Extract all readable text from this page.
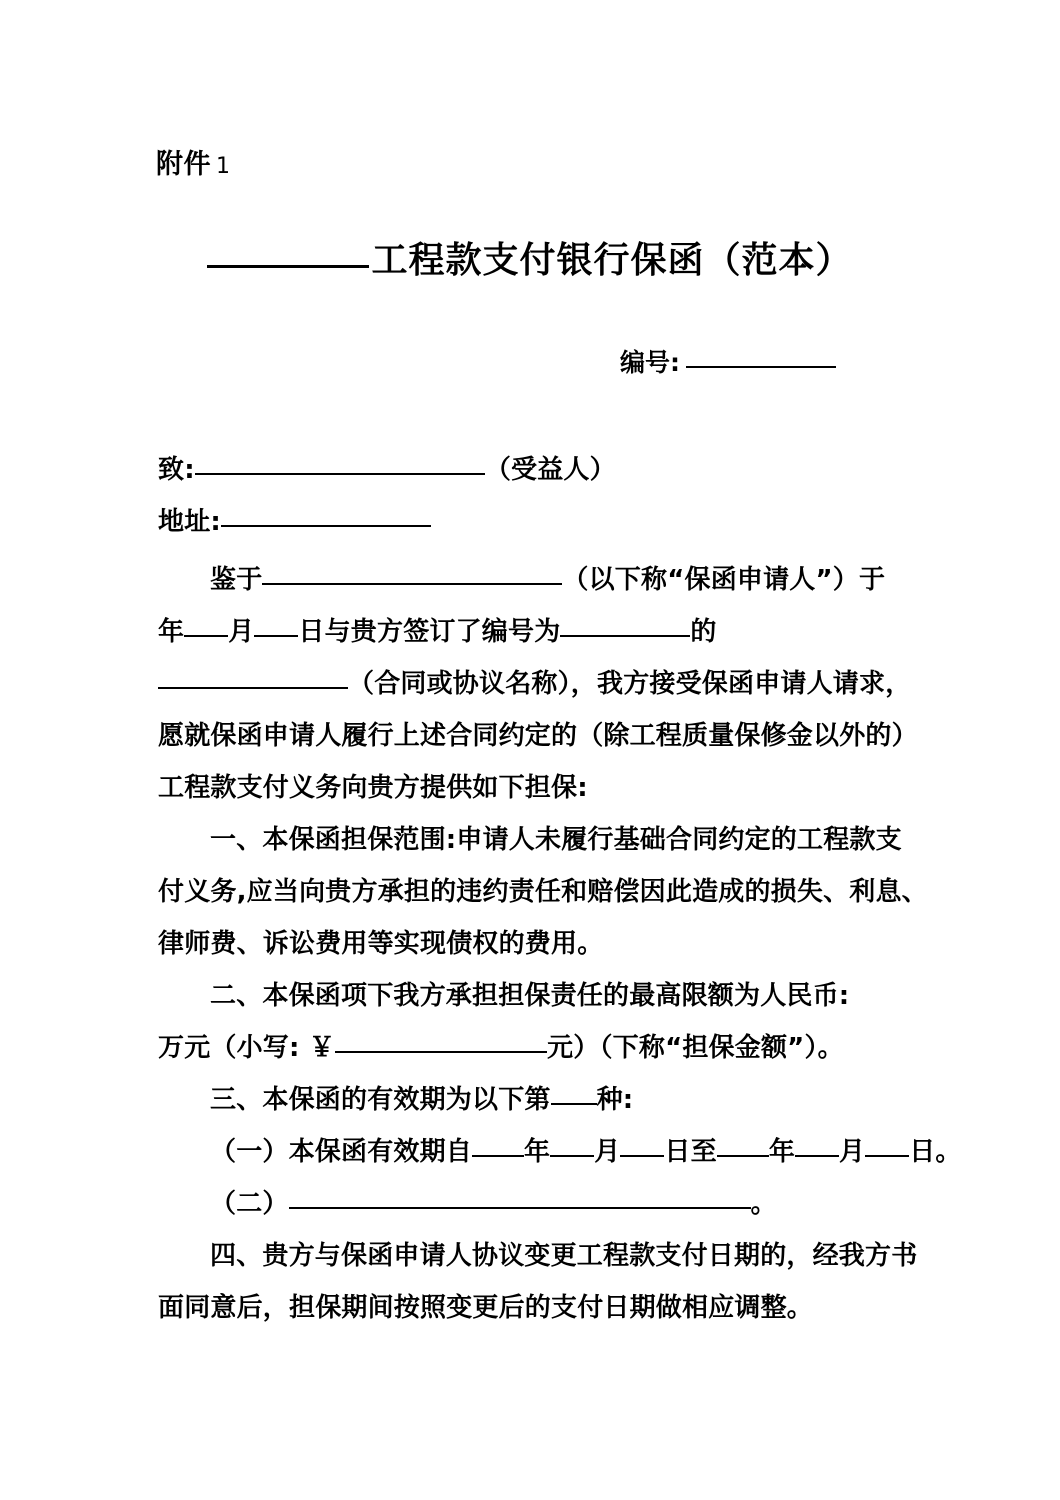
附件 1
工程款支付银行保函（范本）
编号:
致:	（受益人）
地址:
鉴于	（以下称“保函申请人”）于
年 月 日与贵方签订了编号为	的
（合同或协议名称），我方接受保函申请人请求，
愿就保函申请人履行上述合同约定的（除工程质量保修金以外的）
工程款支付义务向贵方提供如下担保:
一、本保函担保范围:申请人未履行基础合同约定的工程款支
付义务,应当向贵方承担的违约责任和赔偿因此造成的损失、利息、
律师费、诉讼费用等实现债权的费用。
二、本保函项下我方承担担保责任的最高限额为人民币:
万元（小写: ￥	元）（下称“担保金额”）。
三、本保函的有效期为以下第 种:
（一）本保函有效期自 年 月 日至 年 月 日。
（二）	。
四、贵方与保函申请人协议变更工程款支付日期的，经我方书
面同意后，担保期间按照变更后的支付日期做相应调整。
